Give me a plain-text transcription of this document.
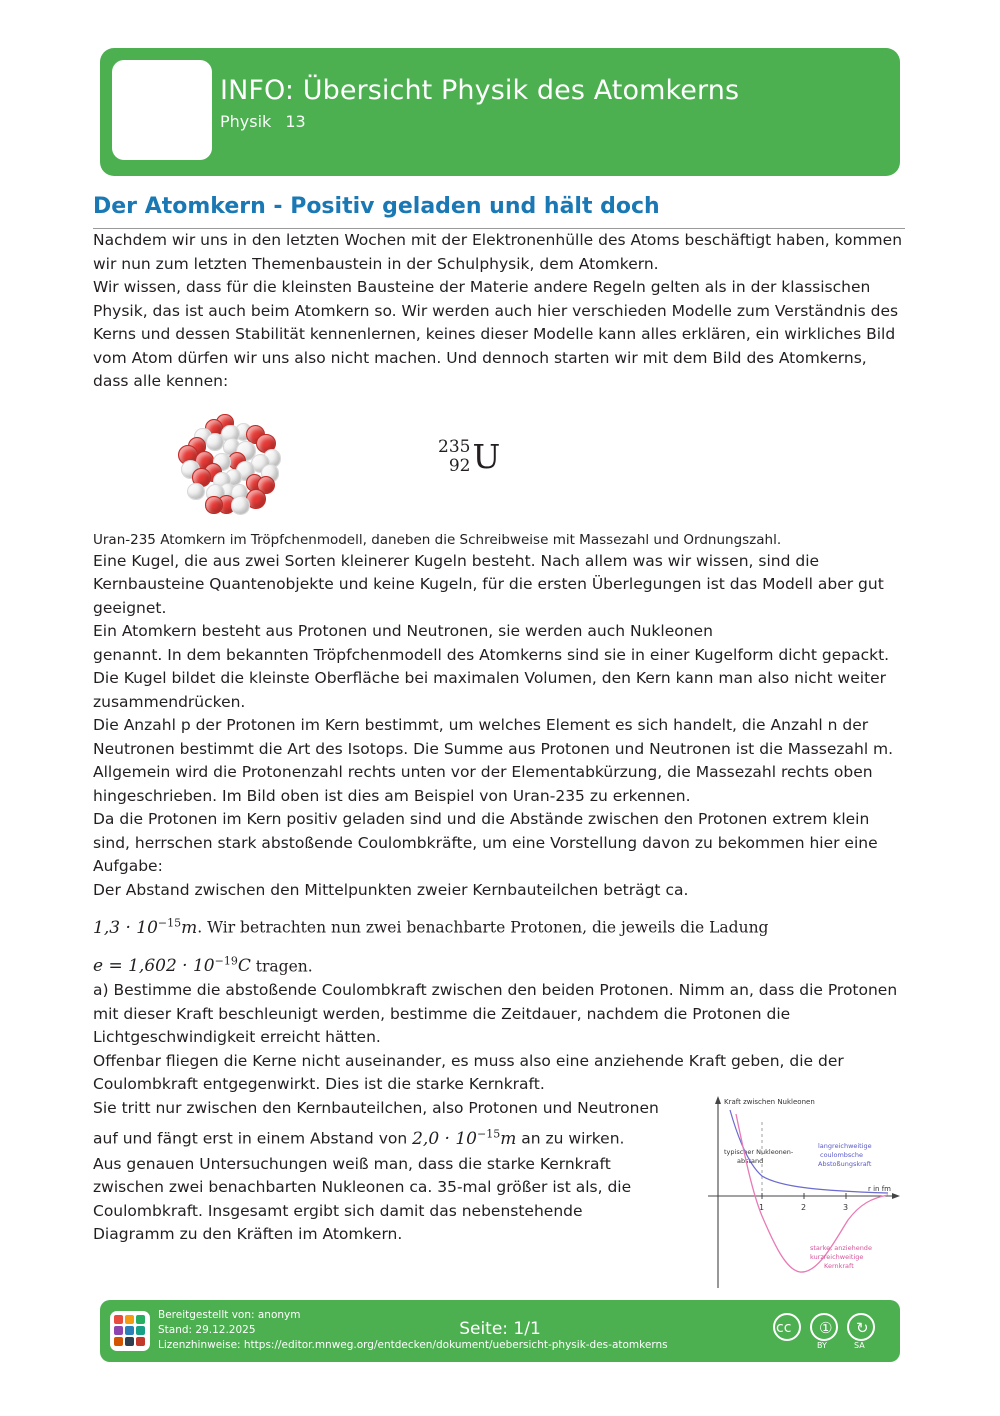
INFO: Übersicht Physik des Atomkerns
Physik 13
Der Atomkern - Positiv geladen und hält doch

Nachdem wir uns in den letzten Wochen mit der Elektronenhülle des Atoms beschäftigt haben, kommen wir nun zum letzten Themenbaustein in der Schulphysik, dem Atomkern.

Wir wissen, dass für die kleinsten Bausteine der Materie andere Regeln gelten als in der klassischen Physik, das ist auch beim Atomkern so. Wir werden auch hier verschieden Modelle zum Verständnis des Kerns und dessen Stabilität kennenlernen, keines dieser Modelle kann alles erklären, ein wirkliches Bild vom Atom dürfen wir uns also nicht machen. Und dennoch starten wir mit dem Bild des Atomkerns, dass alle kennen:

235
92U
Uran-235 Atomkern im Tröpfchenmodell, daneben die Schreibweise mit Massezahl und Ordnungszahl.

Eine Kugel, die aus zwei Sorten kleinerer Kugeln besteht. Nach allem was wir wissen, sind die Kernbausteine Quantenobjekte und keine Kugeln, für die ersten Überlegungen ist das Modell aber gut geeignet.

Ein Atomkern besteht aus Protonen und Neutronen, sie werden auch Nukleonen

genannt. In dem bekannten Tröpfchenmodell des Atomkerns sind sie in einer Kugelform dicht gepackt. Die Kugel bildet die kleinste Oberfläche bei maximalen Volumen, den Kern kann man also nicht weiter zusammendrücken.

Die Anzahl p der Protonen im Kern bestimmt, um welches Element es sich handelt, die Anzahl n der Neutronen bestimmt die Art des Isotops. Die Summe aus Protonen und Neutronen ist die Massezahl m. Allgemein wird die Protonenzahl rechts unten vor der Elementabkürzung, die Massezahl rechts oben hingeschrieben. Im Bild oben ist dies am Beispiel von Uran-235 zu erkennen.

Da die Protonen im Kern positiv geladen sind und die Abstände zwischen den Protonen extrem klein sind, herrschen stark abstoßende Coulombkräfte, um eine Vorstellung davon zu bekommen hier eine Aufgabe:

Der Abstand zwischen den Mittelpunkten zweier Kernbauteilchen beträgt ca.

$1,3 \cdot 10^{-15}m$. Wir betrachten nun zwei benachbarte Protonen, die jeweils die Ladung
$e = 1,602 \cdot 10^{-19}C$ tragen.

a) Bestimme die abstoßende Coulombkraft zwischen den beiden Protonen. Nimm an, dass die Protonen mit dieser Kraft beschleunigt werden, bestimme die Zeitdauer, nachdem die Protonen die Lichtgeschwindigkeit erreicht hätten.

Offenbar fliegen die Kerne nicht auseinander, es muss also eine anziehende Kraft geben, die der Coulombkraft entgegenwirkt. Dies ist die starke Kernkraft.

Sie tritt nur zwischen den Kernbauteilchen, also Protonen und Neutronen

auf und fängt erst in einem Abstand von $2,0 \cdot 10^{-15}m$ an zu wirken.

Aus genauen Untersuchungen weiß man, dass die starke Kernkraft zwischen zwei benachbarten Nukleonen ca. 35-mal größer ist als, die Coulombkraft. Insgesamt ergibt sich damit das nebenstehende Diagramm zu den Kräften im Atomkern.

Kraft zwischen Nukleonen
1	2	3
r in fm
typischer Nukleonen-
abstand
langreichweitige
coulombsche
Abstoßungskraft
starke, anziehende
kurzreichweitige
Kernkraft
Bereitgestellt von: anonym
Stand: 29.12.2025
Lizenzhinweise: https://editor.mnweg.org/entdecken/dokument/uebersicht-physik-des-atomkerns
Seite: 1/1	cc ① ↻
BY	SA
